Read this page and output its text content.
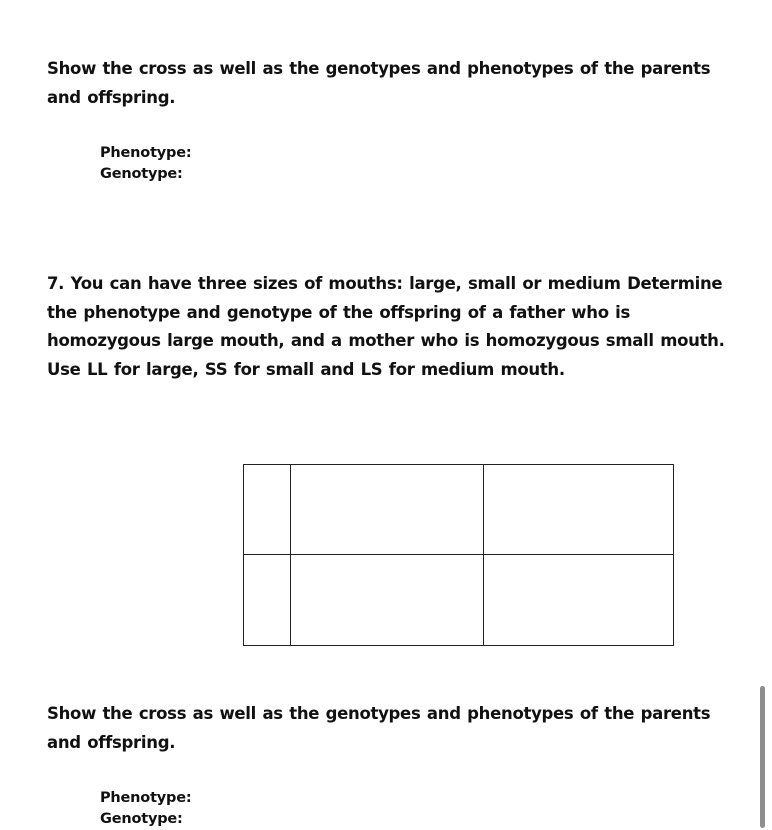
Show the cross as well as the genotypes and phenotypes of the parents and offspring.

Phenotype:

Genotype:

7. You can have three sizes of mouths: large, small or medium Determine the phenotype and genotype of the offspring of a father who is homozygous large mouth, and a mother who is homozygous small mouth. Use LL for large, SS for small and LS for medium mouth.

Show the cross as well as the genotypes and phenotypes of the parents and offspring.

Phenotype:

Genotype:
